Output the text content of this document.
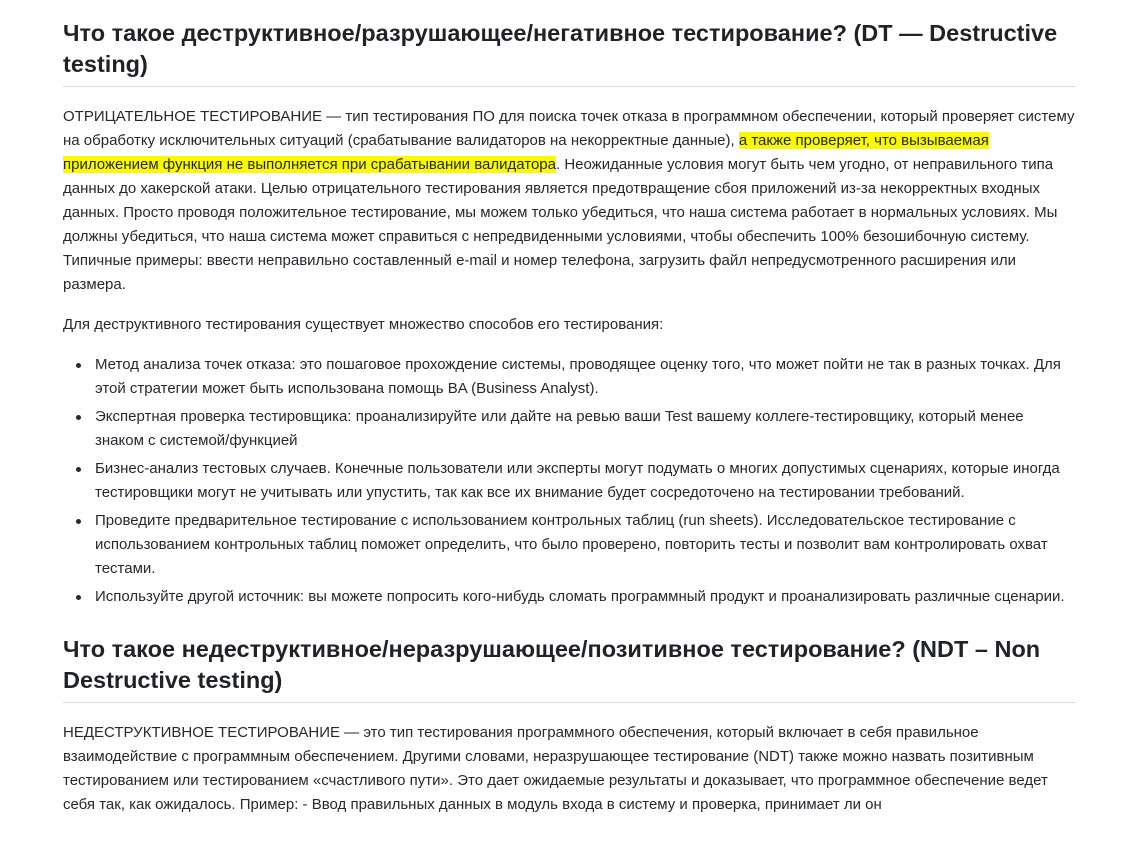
Что такое деструктивное/разрушающее/негативное тестирование? (DT — Destructive testing)

ОТРИЦАТЕЛЬНОЕ ТЕСТИРОВАНИЕ — тип тестирования ПО для поиска точек отказа в программном обеспечении, который проверяет систему на обработку исключительных ситуаций (срабатывание валидаторов на некорректные данные), а также проверяет, что вызываемая приложением функция не выполняется при срабатывании валидатора. Неожиданные условия могут быть чем угодно, от неправильного типа данных до хакерской атаки. Целью отрицательного тестирования является предотвращение сбоя приложений из-за некорректных входных данных. Просто проводя положительное тестирование, мы можем только убедиться, что наша система работает в нормальных условиях. Мы должны убедиться, что наша система может справиться с непредвиденными условиями, чтобы обеспечить 100% безошибочную систему.
Типичные примеры: ввести неправильно составленный e-mail и номер телефона, загрузить файл непредусмотренного расширения или размера.

Для деструктивного тестирования существует множество способов его тестирования:

Метод анализа точек отказа: это пошаговое прохождение системы, проводящее оценку того, что может пойти не так в разных точках. Для этой стратегии может быть использована помощь BA (Business Analyst).
Экспертная проверка тестировщика: проанализируйте или дайте на ревью ваши Test вашему коллеге-тестировщику, который менее знаком с системой/функцией
Бизнес-анализ тестовых случаев. Конечные пользователи или эксперты могут подумать о многих допустимых сценариях, которые иногда тестировщики могут не учитывать или упустить, так как все их внимание будет сосредоточено на тестировании требований.
Проведите предварительное тестирование с использованием контрольных таблиц (run sheets). Исследовательское тестирование с использованием контрольных таблиц поможет определить, что было проверено, повторить тесты и позволит вам контролировать охват тестами.
Используйте другой источник: вы можете попросить кого-нибудь сломать программный продукт и проанализировать различные сценарии.
Что такое недеструктивное/неразрушающее/позитивное тестирование? (NDT – Non Destructive testing)

НЕДЕСТРУКТИВНОЕ ТЕСТИРОВАНИЕ — это тип тестирования программного обеспечения, который включает в себя правильное взаимодействие с программным обеспечением. Другими словами, неразрушающее тестирование (NDT) также можно назвать позитивным тестированием или тестированием «счастливого пути». Это дает ожидаемые результаты и доказывает, что программное обеспечение ведет себя так, как ожидалось. Пример: - Ввод правильных данных в модуль входа в систему и проверка, принимает ли он
